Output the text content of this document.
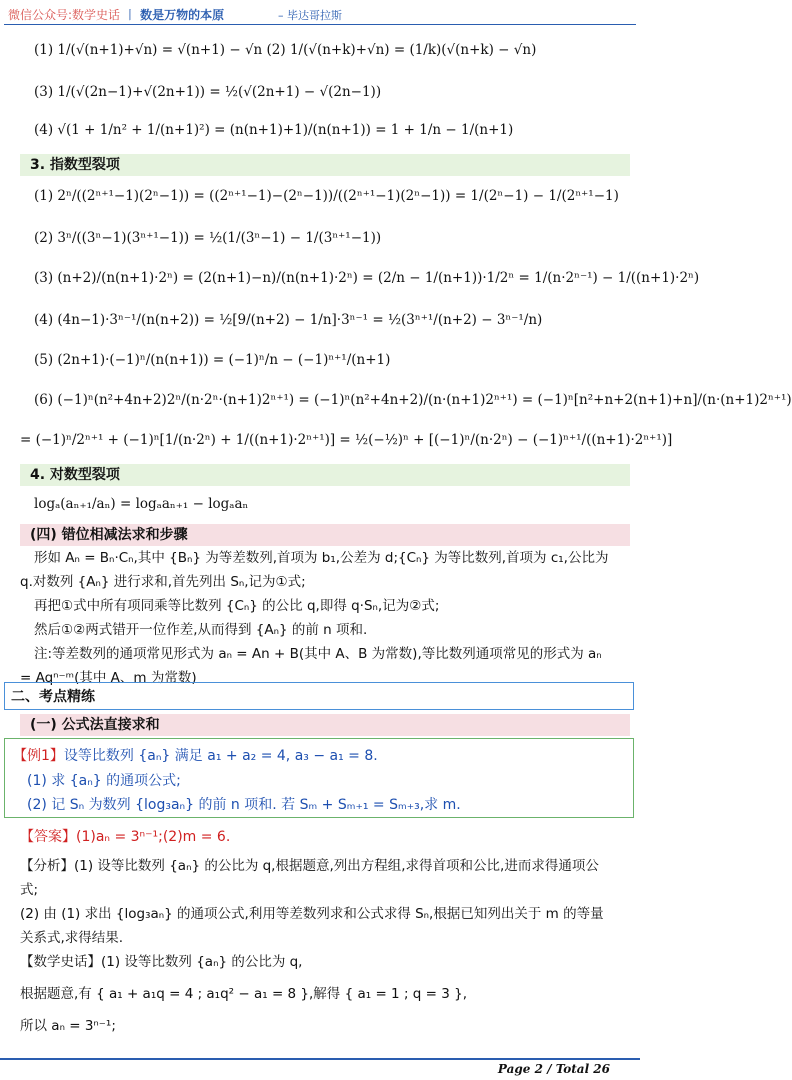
微信公众号:数学史话 丨 数是万物的本原	– 毕达哥拉斯
(1) 1/(√(n+1)+√n) = √(n+1) − √n (2) 1/(√(n+k)+√n) = (1/k)(√(n+k) − √n)
(3) 1/(√(2n−1)+√(2n+1)) = ½(√(2n+1) − √(2n−1))
(4) √(1 + 1/n² + 1/(n+1)²) = (n(n+1)+1)/(n(n+1)) = 1 + 1/n − 1/(n+1)
3. 指数型裂项
(1) 2ⁿ/((2ⁿ⁺¹−1)(2ⁿ−1)) = ((2ⁿ⁺¹−1)−(2ⁿ−1))/((2ⁿ⁺¹−1)(2ⁿ−1)) = 1/(2ⁿ−1) − 1/(2ⁿ⁺¹−1)
(2) 3ⁿ/((3ⁿ−1)(3ⁿ⁺¹−1)) = ½(1/(3ⁿ−1) − 1/(3ⁿ⁺¹−1))
(3) (n+2)/(n(n+1)·2ⁿ) = (2(n+1)−n)/(n(n+1)·2ⁿ) = (2/n − 1/(n+1))·1/2ⁿ = 1/(n·2ⁿ⁻¹) − 1/((n+1)·2ⁿ)
(4) (4n−1)·3ⁿ⁻¹/(n(n+2)) = ½[9/(n+2) − 1/n]·3ⁿ⁻¹ = ½(3ⁿ⁺¹/(n+2) − 3ⁿ⁻¹/n)
(5) (2n+1)·(−1)ⁿ/(n(n+1)) = (−1)ⁿ/n − (−1)ⁿ⁺¹/(n+1)
(6) (−1)ⁿ(n²+4n+2)2ⁿ/(n·2ⁿ·(n+1)2ⁿ⁺¹) = (−1)ⁿ(n²+4n+2)/(n·(n+1)2ⁿ⁺¹) = (−1)ⁿ[n²+n+2(n+1)+n]/(n·(n+1)2ⁿ⁺¹)
= (−1)ⁿ/2ⁿ⁺¹ + (−1)ⁿ[1/(n·2ⁿ) + 1/((n+1)·2ⁿ⁺¹)] = ½(−½)ⁿ + [(−1)ⁿ/(n·2ⁿ) − (−1)ⁿ⁺¹/((n+1)·2ⁿ⁺¹)]
4. 对数型裂项
logₐ(aₙ₊₁/aₙ) = logₐaₙ₊₁ − logₐaₙ
(四) 错位相减法求和步骤
形如 Aₙ = Bₙ·Cₙ,其中 {Bₙ} 为等差数列,首项为 b₁,公差为 d;{Cₙ} 为等比数列,首项为 c₁,公比为
q.对数列 {Aₙ} 进行求和,首先列出 Sₙ,记为①式;
再把①式中所有项同乘等比数列 {Cₙ} 的公比 q,即得 q·Sₙ,记为②式;
然后①②两式错开一位作差,从而得到 {Aₙ} 的前 n 项和.
注:等差数列的通项常见形式为 aₙ = An + B(其中 A、B 为常数),等比数列通项常见的形式为 aₙ
= Aqⁿ⁻ᵐ(其中 A、m 为常数)
二、考点精练
(一) 公式法直接求和
【例1】设等比数列 {aₙ} 满足 a₁ + a₂ = 4, a₃ − a₁ = 8.
(1) 求 {aₙ} 的通项公式;
(2) 记 Sₙ 为数列 {log₃aₙ} 的前 n 项和. 若 Sₘ + Sₘ₊₁ = Sₘ₊₃,求 m.
【答案】(1)aₙ = 3ⁿ⁻¹;(2)m = 6.
【分析】(1) 设等比数列 {aₙ} 的公比为 q,根据题意,列出方程组,求得首项和公比,进而求得通项公
式;
(2) 由 (1) 求出 {log₃aₙ} 的通项公式,利用等差数列求和公式求得 Sₙ,根据已知列出关于 m 的等量
关系式,求得结果.
【数学史话】(1) 设等比数列 {aₙ} 的公比为 q,
根据题意,有 { a₁ + a₁q = 4 ; a₁q² − a₁ = 8 },解得 { a₁ = 1 ; q = 3 },
所以 aₙ = 3ⁿ⁻¹;
Page 2 / Total 26
